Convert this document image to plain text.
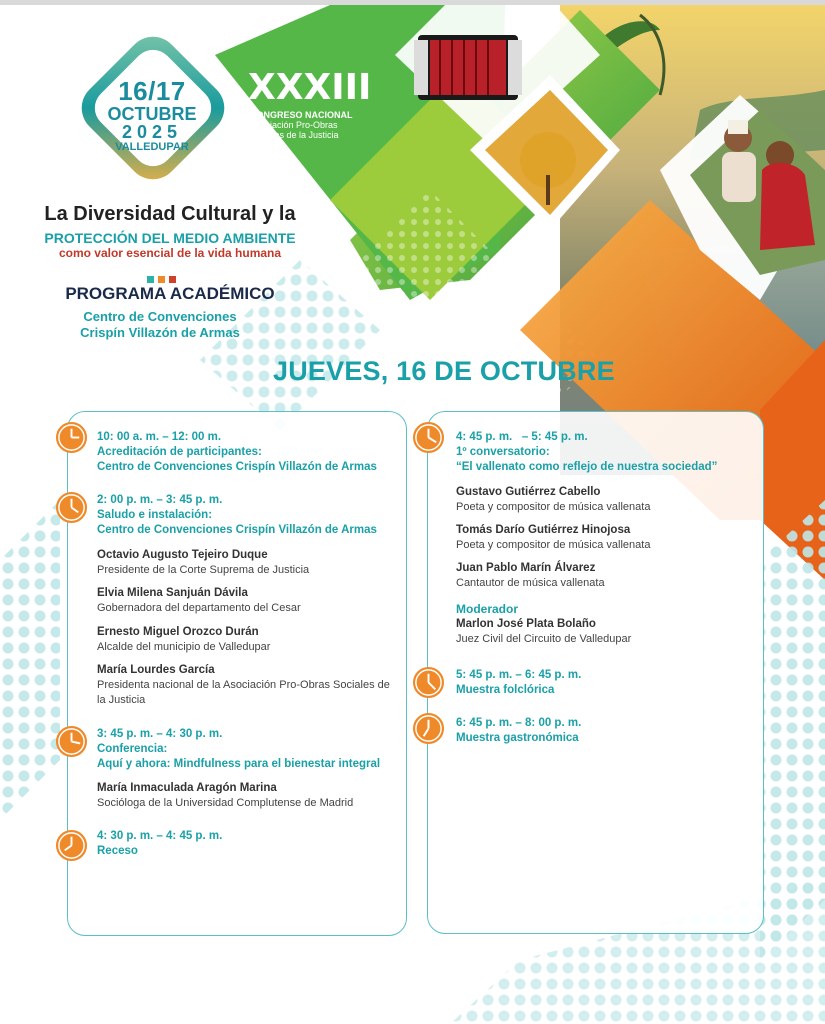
16/17
OCTUBRE
2025
VALLEDUPAR
XXXIII
CONGRESO NACIONAL
Asociación Pro-Obras
Sociales de la Justicia
La Diversidad Cultural y la
PROTECCIÓN DEL MEDIO AMBIENTE
como valor esencial de la vida humana
PROGRAMA ACADÉMICO
Centro de Convenciones
Crispín Villazón de Armas
JUEVES, 16 DE OCTUBRE
10: 00 a. m. – 12: 00 m.
Acreditación de participantes:
Centro de Convenciones Crispín Villazón de Armas
2: 00 p. m. – 3: 45 p. m.
Saludo e instalación:
Centro de Convenciones Crispín Villazón de Armas
Octavio Augusto Tejeiro Duque
Presidente de la Corte Suprema de Justicia
Elvia Milena Sanjuán Dávila
Gobernadora del departamento del Cesar
Ernesto Miguel Orozco Durán
Alcalde del municipio de Valledupar
María Lourdes García
Presidenta nacional de la Asociación Pro-Obras Sociales de
la Justicia
3: 45 p. m. – 4: 30 p. m.
Conferencia:
Aquí y ahora: Mindfulness para el bienestar integral
María Inmaculada Aragón Marina
Socióloga de la Universidad Complutense de Madrid
4: 30 p. m. – 4: 45 p. m.
Receso
4: 45 p. m.   – 5: 45 p. m.
1º conversatorio:
“El vallenato como reflejo de nuestra sociedad”
Gustavo Gutiérrez Cabello
Poeta y compositor de música vallenata
Tomás Darío Gutiérrez Hinojosa
Poeta y compositor de música vallenata
Juan Pablo Marín Álvarez
Cantautor de música vallenata
Moderador
Marlon José Plata Bolaño
Juez Civil del Circuito de Valledupar
5: 45 p. m. – 6: 45 p. m.
Muestra folclórica
6: 45 p. m. – 8: 00 p. m.
Muestra gastronómica
